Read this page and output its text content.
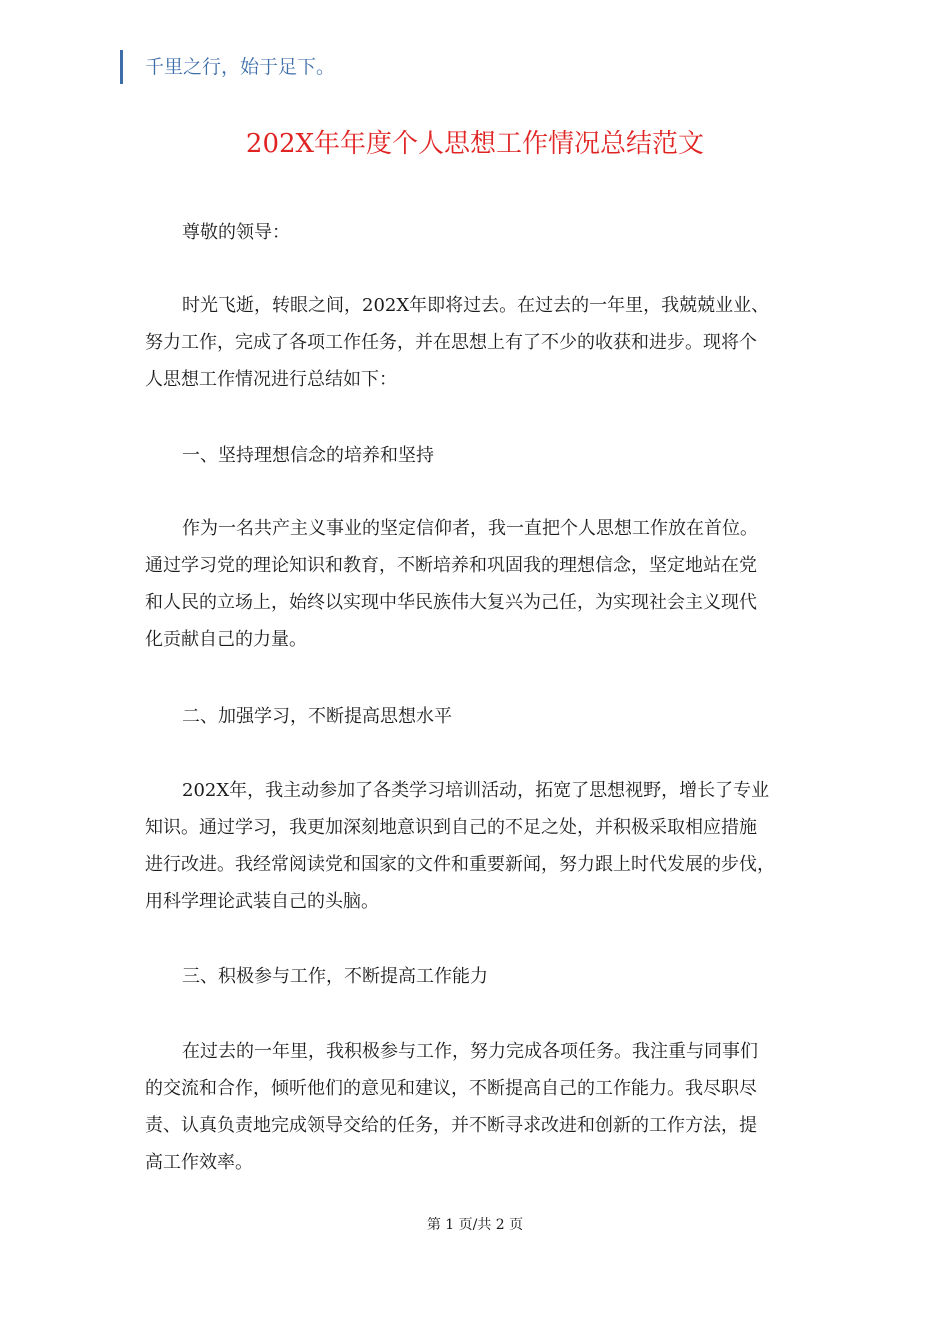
千里之行，始于足下。
202X年年度个人思想工作情况总结范文
尊敬的领导：
时光飞逝，转眼之间，202X年即将过去。在过去的一年里，我兢兢业业、
努力工作，完成了各项工作任务，并在思想上有了不少的收获和进步。现将个
人思想工作情况进行总结如下：
一、坚持理想信念的培养和坚持
作为一名共产主义事业的坚定信仰者，我一直把个人思想工作放在首位。
通过学习党的理论知识和教育，不断培养和巩固我的理想信念，坚定地站在党
和人民的立场上，始终以实现中华民族伟大复兴为己任，为实现社会主义现代
化贡献自己的力量。
二、加强学习，不断提高思想水平
202X年，我主动参加了各类学习培训活动，拓宽了思想视野，增长了专业
知识。通过学习，我更加深刻地意识到自己的不足之处，并积极采取相应措施
进行改进。我经常阅读党和国家的文件和重要新闻，努力跟上时代发展的步伐，
用科学理论武装自己的头脑。
三、积极参与工作，不断提高工作能力
在过去的一年里，我积极参与工作，努力完成各项任务。我注重与同事们
的交流和合作，倾听他们的意见和建议，不断提高自己的工作能力。我尽职尽
责、认真负责地完成领导交给的任务，并不断寻求改进和创新的工作方法，提
高工作效率。
第 1 页/共 2 页
